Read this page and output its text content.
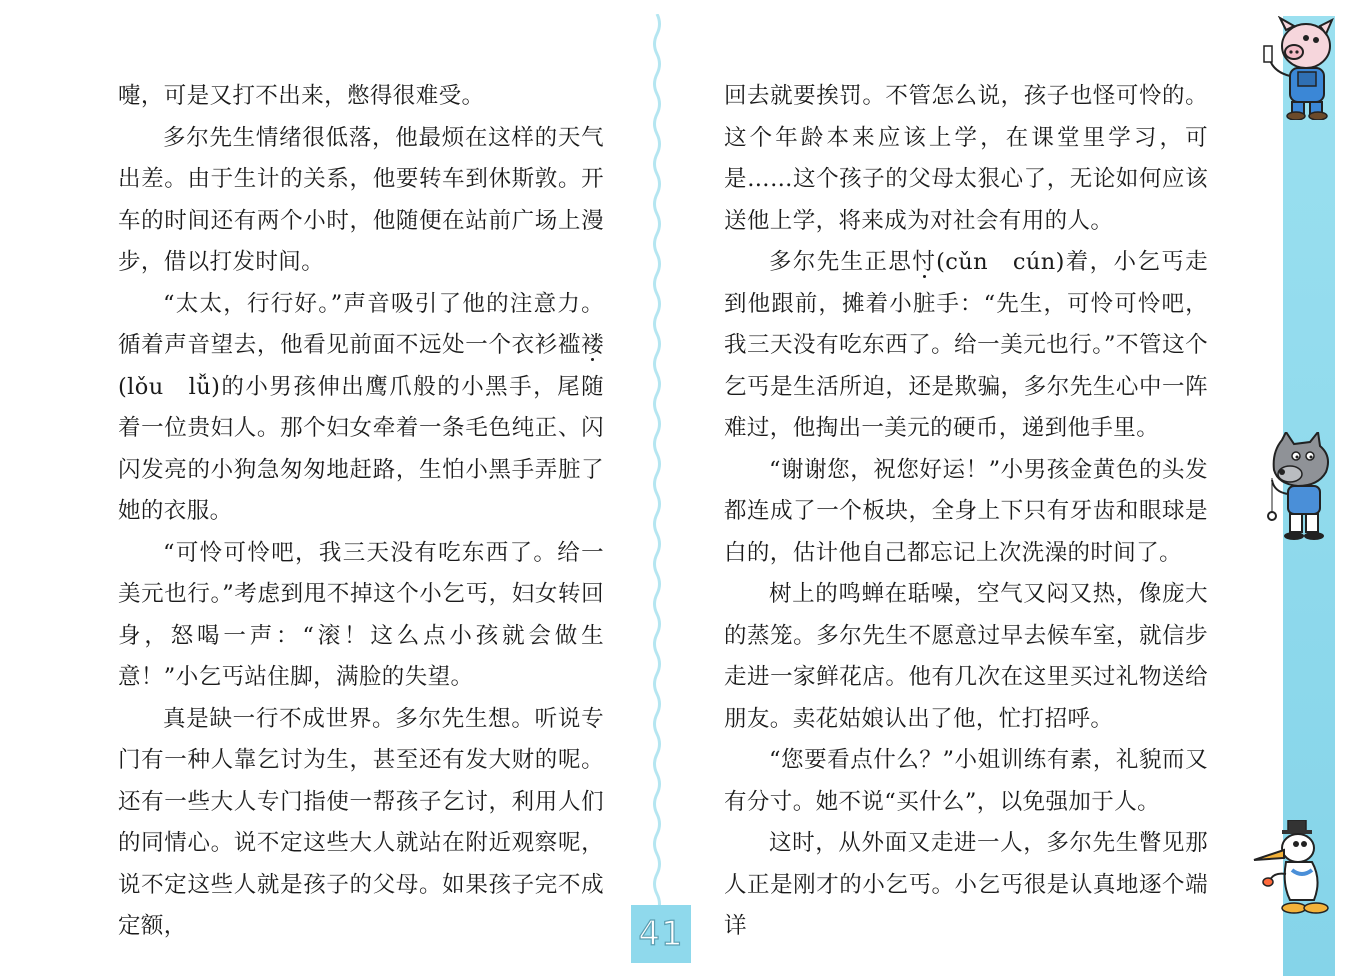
嚏，可是又打不出来，憋得很难受。

多尔先生情绪很低落，他最烦在这样的天气出差。由于生计的关系，他要转车到休斯敦。开车的时间还有两个小时，他随便在站前广场上漫步，借以打发时间。

“太太，行行好。”声音吸引了他的注意力。循着声音望去，他看见前面不远处一个衣衫褴褛(lǒu　lǚ)的小男孩伸出鹰爪般的小黑手，尾随着一位贵妇人。那个妇女牵着一条毛色纯正、闪闪发亮的小狗急匆匆地赶路，生怕小黑手弄脏了她的衣服。

“可怜可怜吧，我三天没有吃东西了。给一美元也行。”考虑到甩不掉这个小乞丐，妇女转回身，怒喝一声：“滚！这么点小孩就会做生意！”小乞丐站住脚，满脸的失望。

真是缺一行不成世界。多尔先生想。听说专门有一种人靠乞讨为生，甚至还有发大财的呢。还有一些大人专门指使一帮孩子乞讨，利用人们的同情心。说不定这些大人就站在附近观察呢，说不定这些人就是孩子的父母。如果孩子完不成定额，

回去就要挨罚。不管怎么说，孩子也怪可怜的。这个年龄本来应该上学，在课堂里学习，可是……这个孩子的父母太狠心了，无论如何应该送他上学，将来成为对社会有用的人。

多尔先生正思忖(cǔn　cún)着，小乞丐走到他跟前，摊着小脏手：“先生，可怜可怜吧，我三天没有吃东西了。给一美元也行。”不管这个乞丐是生活所迫，还是欺骗，多尔先生心中一阵难过，他掏出一美元的硬币，递到他手里。

“谢谢您，祝您好运！”小男孩金黄色的头发都连成了一个板块，全身上下只有牙齿和眼球是白的，估计他自己都忘记上次洗澡的时间了。

树上的鸣蝉在聒噪，空气又闷又热，像庞大的蒸笼。多尔先生不愿意过早去候车室，就信步走进一家鲜花店。他有几次在这里买过礼物送给朋友。卖花姑娘认出了他，忙打招呼。

“您要看点什么？”小姐训练有素，礼貌而又有分寸。她不说“买什么”，以免强加于人。

这时，从外面又走进一人，多尔先生瞥见那人正是刚才的小乞丐。小乞丐很是认真地逐个端详

41
